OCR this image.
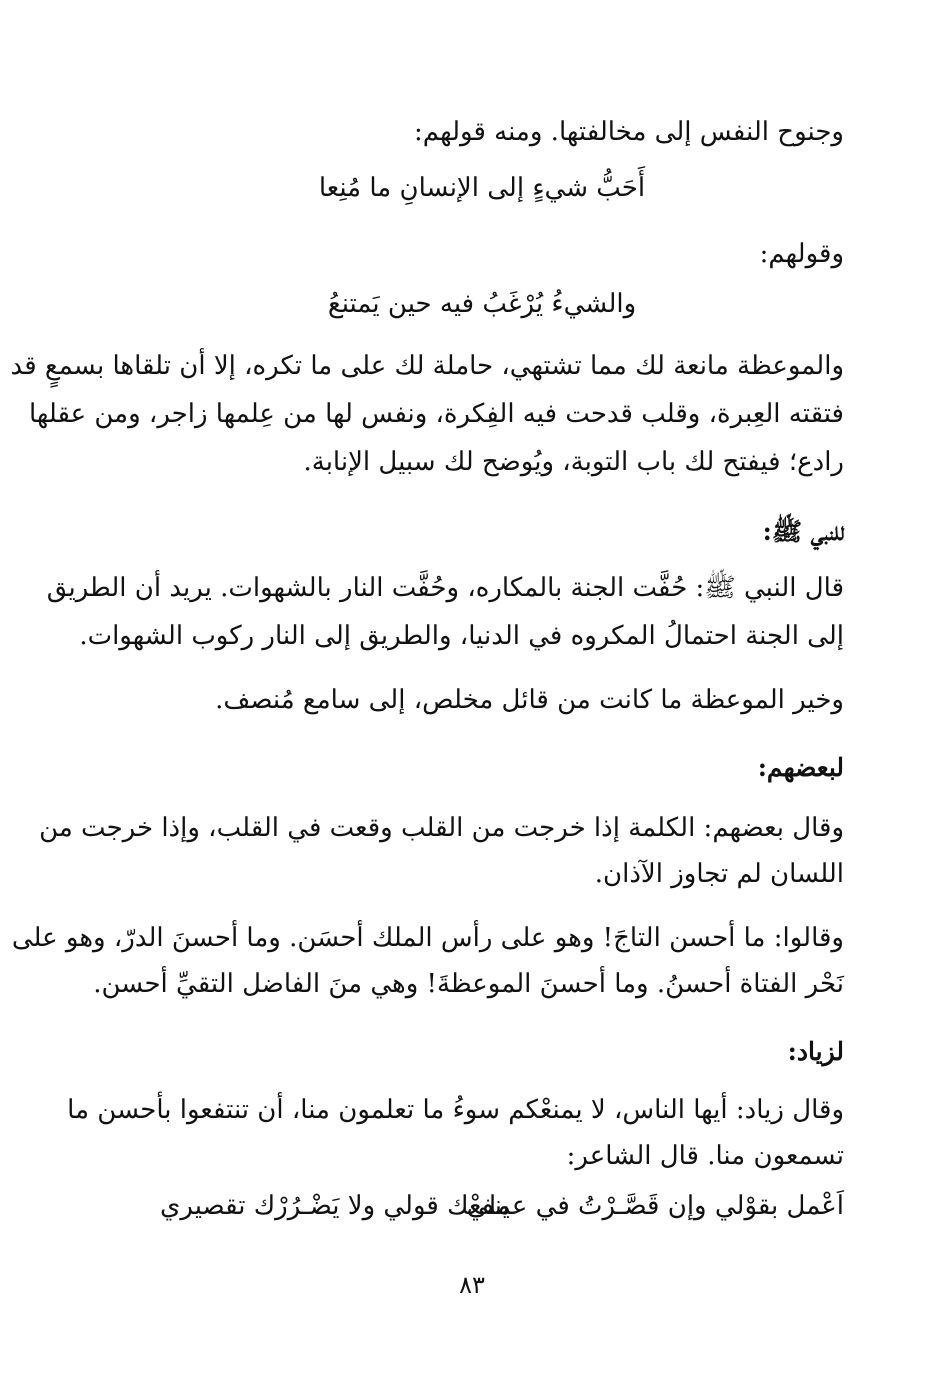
وجنوح النفس إلى مخالفتها. ومنه قولهم:
أَحَبُّ شيءٍ إلى الإنسانِ ما مُنِعا
وقولهم:
والشيءُ يُرْغَبُ فيه حين يَمتنعُ
والموعظة مانعة لك مما تشتهي، حاملة لك على ما تكره، إلا أن تلقاها بسمعٍ قد
فتقته العِبرة، وقلب قدحت فيه الفِكرة، ونفس لها من عِلمها زاجر، ومن عقلها
رادع؛ فيفتح لك باب التوبة، ويُوضح لك سبيل الإنابة.
للنبي ﷺ:
قال النبي ﷺ: حُفَّت الجنة بالمكاره، وحُفَّت النار بالشهوات. يريد أن الطريق
إلى الجنة احتمالُ المكروه في الدنيا، والطريق إلى النار ركوب الشهوات.
وخير الموعظة ما كانت من قائل مخلص، إلى سامع مُنصف.
لبعضهم:
وقال بعضهم: الكلمة إذا خرجت من القلب وقعت في القلب، وإذا خرجت من
اللسان لم تجاوز الآذان.
وقالوا: ما أحسن التاجَ! وهو على رأس الملك أحسَن. وما أحسنَ الدرّ، وهو على
نَحْر الفتاة أحسنُ. وما أحسنَ الموعظةَ! وهي منَ الفاضل التقيِّ أحسن.
لزياد:
وقال زياد: أيها الناس، لا يمنعْكم سوءُ ما تعلمون منا، أن تنتفعوا بأحسن ما
تسمعون منا. قال الشاعر:
اَعْمل بقوْلي وإن قَصَّـرْتُ في عملي
ينفعْك قولي ولا يَضْـرُرْك تقصيري
٨٣
